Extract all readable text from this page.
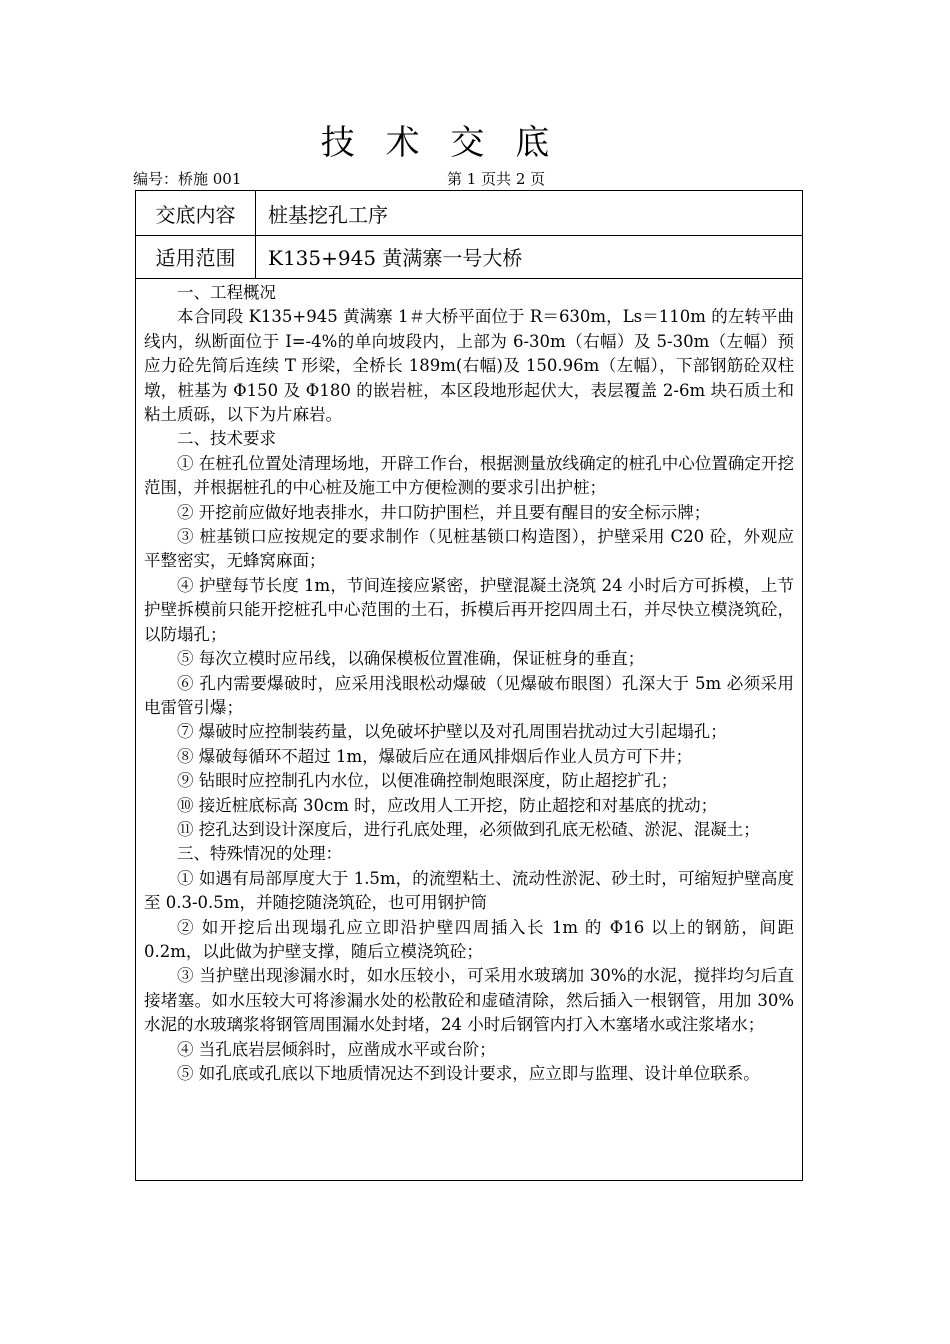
技 术 交 底
编号：桥施 001	第 1 页共 2 页
交底内容	桩基挖孔工序
适用范围	K135+945 黄满寨一号大桥

一、工程概况

本合同段 K135+945 黄满寨 1＃大桥平面位于 R＝630m，Ls＝110m 的左转平曲线内，纵断面位于 I=-4%的单向坡段内，上部为 6-30m（右幅）及 5-30m（左幅）预应力砼先简后连续 T 形梁，全桥长 189m(右幅)及 150.96m（左幅），下部钢筋砼双柱墩，桩基为 Φ150 及 Φ180 的嵌岩桩，本区段地形起伏大，表层覆盖 2-6m 块石质土和粘土质砾，以下为片麻岩。

二、技术要求

① 在桩孔位置处清理场地，开辟工作台，根据测量放线确定的桩孔中心位置确定开挖范围，并根据桩孔的中心桩及施工中方便检测的要求引出护桩；

② 开挖前应做好地表排水，井口防护围栏，并且要有醒目的安全标示牌；

③ 桩基锁口应按规定的要求制作（见桩基锁口构造图），护壁采用 C20 砼，外观应平整密实，无蜂窝麻面；

④ 护壁每节长度 1m，节间连接应紧密，护壁混凝土浇筑 24 小时后方可拆模，上节护壁拆模前只能开挖桩孔中心范围的土石，拆模后再开挖四周土石，并尽快立模浇筑砼，以防塌孔；

⑤ 每次立模时应吊线，以确保模板位置准确，保证桩身的垂直；

⑥ 孔内需要爆破时，应采用浅眼松动爆破（见爆破布眼图）孔深大于 5m 必须采用电雷管引爆；

⑦ 爆破时应控制装药量，以免破坏护壁以及对孔周围岩扰动过大引起塌孔；

⑧ 爆破每循环不超过 1m，爆破后应在通风排烟后作业人员方可下井；

⑨ 钻眼时应控制孔内水位，以便准确控制炮眼深度，防止超挖扩孔；

⑩ 接近桩底标高 30cm 时，应改用人工开挖，防止超挖和对基底的扰动；

⑪ 挖孔达到设计深度后，进行孔底处理，必须做到孔底无松碴、淤泥、混凝土；

三、特殊情况的处理：

① 如遇有局部厚度大于 1.5m，的流塑粘土、流动性淤泥、砂土时，可缩短护壁高度至 0.3-0.5m，并随挖随浇筑砼，也可用钢护筒

② 如开挖后出现塌孔应立即沿护壁四周插入长 1m 的 Φ16 以上的钢筋，间距 0.2m，以此做为护壁支撑，随后立模浇筑砼；

③ 当护壁出现渗漏水时，如水压较小，可采用水玻璃加 30%的水泥，搅拌均匀后直接堵塞。如水压较大可将渗漏水处的松散砼和虚碴清除，然后插入一根钢管，用加 30%水泥的水玻璃浆将钢管周围漏水处封堵，24 小时后钢管内打入木塞堵水或注浆堵水；

④ 当孔底岩层倾斜时，应凿成水平或台阶；

⑤ 如孔底或孔底以下地质情况达不到设计要求，应立即与监理、设计单位联系。
